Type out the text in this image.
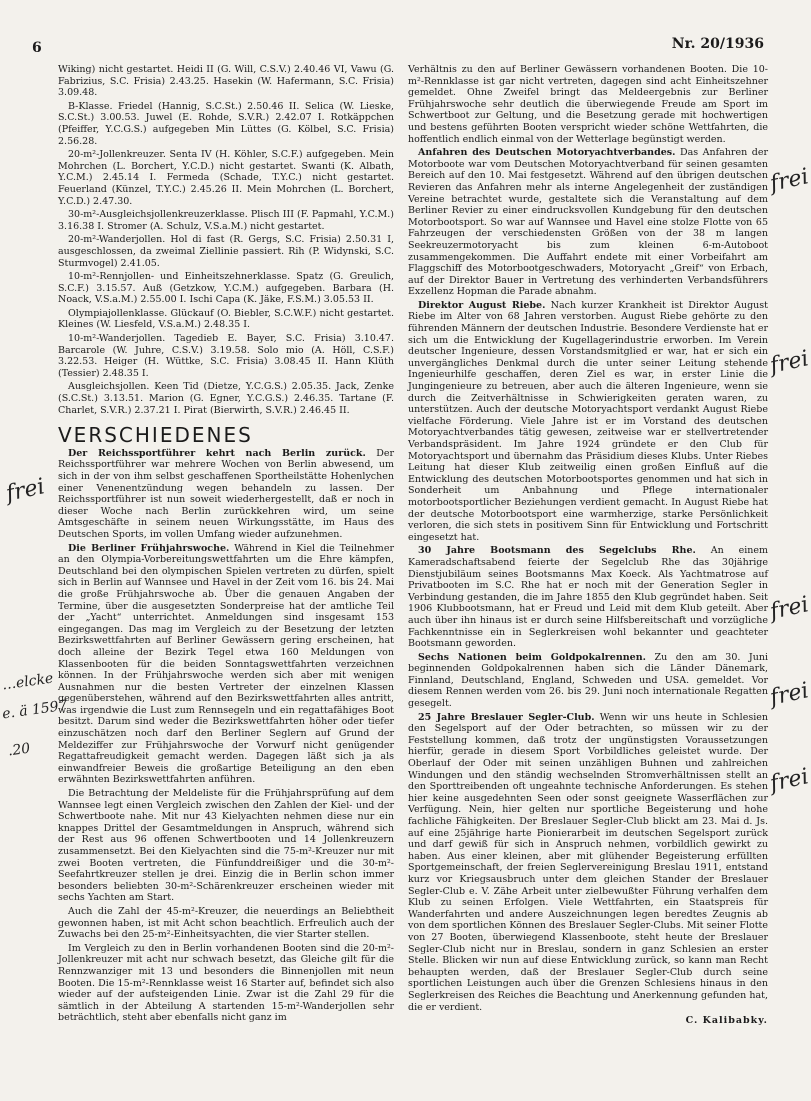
6	Nr. 20/1936

Wiking) nicht gestartet. Heidi II (G. Will, C.S.V.) 2.40.46 VI, Vawu (G. Fabrizius, S.C. Frisia) 2.43.25. Hasekin (W. Hafermann, S.C. Frisia) 3.09.48.

B-Klasse. Friedel (Hannig, S.C.St.) 2.50.46 II. Selica (W. Lieske, S.C.St.) 3.00.53. Juwel (E. Rohde, S.V.R.) 2.42.07 I. Rotkäppchen (Pfeiffer, Y.C.G.S.) aufgegeben Min Lüttes (G. Kölbel, S.C. Frisia) 2.56.28.

20-m²-Jollenkreuzer. Senta IV (H. Köhler, S.C.F.) aufgegeben. Mein Mohrchen (L. Borchert, Y.C.D.) nicht gestartet. Swanti (K. Albath, Y.C.M.) 2.45.14 I. Fermeda (Schade, T.Y.C.) nicht gestartet. Feuerland (Künzel, T.Y.C.) 2.45.26 II. Mein Mohrchen (L. Borchert, Y.C.D.) 2.47.30.

30-m²-Ausgleichsjollenkreuzerklasse. Plisch III (F. Papmahl, Y.C.M.) 3.16.38 I. Stromer (A. Schulz, V.S.a.M.) nicht gestartet.

20-m²-Wanderjollen. Hol di fast (R. Gergs, S.C. Frisia) 2.50.31 I, ausgeschlossen, da zweimal Ziellinie passiert. Rih (P. Widynski, S.C. Sturmvogel) 2.41.05.

10-m²-Rennjollen- und Einheitszehnerklasse. Spatz (G. Greulich, S.C.F.) 3.15.57. Auß (Getzkow, Y.C.M.) aufgegeben. Barbara (H. Noack, V.S.a.M.) 2.55.00 I. Ischi Capa (K. Jäke, F.S.M.) 3.05.53 II.

Olympiajollenklasse. Glückauf (O. Biebler, S.C.W.F.) nicht gestartet. Kleines (W. Liesfeld, V.S.a.M.) 2.48.35 I.

10-m²-Wanderjollen. Tagedieb E. Bayer, S.C. Frisia) 3.10.47. Barcarole (W. Juhre, C.S.V.) 3.19.58. Solo mio (A. Höll, C.S.F.) 3.22.53. Heiger (H. Wüttke, S.C. Frisia) 3.08.45 II. Hann Klüth (Tessier) 2.48.35 I.

Ausgleichsjollen. Keen Tid (Dietze, Y.C.G.S.) 2.05.35. Jack, Zenke (S.C.St.) 3.13.51. Marion (G. Egner, Y.C.G.S.) 2.46.35. Tartane (F. Charlet, S.V.R.) 2.37.21 I. Pirat (Bierwirth, S.V.R.) 2.46.45 II.

VERSCHIEDENES

Der Reichssportführer kehrt nach Berlin zurück. Der Reichssportführer war mehrere Wochen von Berlin abwesend, um sich in der von ihm selbst geschaffenen Sportheilstätte Hohenlychen einer Venenentzündung wegen behandeln zu lassen. Der Reichssportführer ist nun soweit wiederhergestellt, daß er noch in dieser Woche nach Berlin zurückkehren wird, um seine Amtsgeschäfte in seinem neuen Wirkungsstätte, im Haus des Deutschen Sports, im vollen Umfang wieder aufzunehmen.

Die Berliner Frühjahrswoche. Während in Kiel die Teilnehmer an den Olympia-Vorbereitungswettfahrten um die Ehre kämpfen, Deutschland bei den olympischen Spielen vertreten zu dürfen, spielt sich in Berlin auf Wannsee und Havel in der Zeit vom 16. bis 24. Mai die große Frühjahrswoche ab. Über die genauen Angaben der Termine, über die ausgesetzten Sonderpreise hat der amtliche Teil der „Yacht“ unterrichtet. Anmeldungen sind insgesamt 153 eingegangen. Das mag im Vergleich zu der Besetzung der letzten Bezirkswettfahrten auf Berliner Gewässern gering erscheinen, hat doch alleine der Bezirk Tegel etwa 160 Meldungen von Klassenbooten für die beiden Sonntagswettfahrten verzeichnen können. In der Frühjahrswoche werden sich aber mit wenigen Ausnahmen nur die besten Vertreter der einzelnen Klassen gegenüberstehen, während auf den Bezirkswettfahrten alles antritt, was irgendwie die Lust zum Rennsegeln und ein regattafähiges Boot besitzt. Darum sind weder die Bezirkswettfahrten höher oder tiefer einzuschätzen noch darf den Berliner Seglern auf Grund der Meldeziffer zur Frühjahrswoche der Vorwurf nicht genügender Regattafreudigkeit gemacht werden. Dagegen läßt sich ja als einwandfreier Beweis die großartige Beteiligung an den eben erwähnten Bezirkswettfahrten anführen.

Die Betrachtung der Meldeliste für die Frühjahrsprüfung auf dem Wannsee legt einen Vergleich zwischen den Zahlen der Kiel- und der Schwertboote nahe. Mit nur 43 Kielyachten nehmen diese nur ein knappes Drittel der Gesamtmeldungen in Anspruch, während sich der Rest aus 96 offenen Schwertbooten und 14 Jollenkreuzern zusammensetzt. Bei den Kielyachten sind die 75-m²-Kreuzer nur mit zwei Booten vertreten, die Fünfunddreißiger und die 30-m²-Seefahrtkreuzer stellen je drei. Einzig die in Berlin schon immer besonders beliebten 30-m²-Schärenkreuzer erscheinen wieder mit sechs Yachten am Start.

Auch die Zahl der 45-m²-Kreuzer, die neuerdings an Beliebtheit gewonnen haben, ist mit Acht schon beachtlich. Erfreulich auch der Zuwachs bei den 25-m²-Einheitsyachten, die vier Starter stellen.

Im Vergleich zu den in Berlin vorhandenen Booten sind die 20-m²-Jollenkreuzer mit acht nur schwach besetzt, das Gleiche gilt für die Rennzwanziger mit 13 und besonders die Binnenjollen mit neun Booten. Die 15-m²-Rennklasse weist 16 Starter auf, befindet sich also wieder auf der aufsteigenden Linie. Zwar ist die Zahl 29 für die sämtlich in der Abteilung A startenden 15-m²-Wanderjollen sehr beträchtlich, steht aber ebenfalls nicht ganz im

Verhältnis zu den auf Berliner Gewässern vorhandenen Booten. Die 10-m²-Rennklasse ist gar nicht vertreten, dagegen sind acht Einheitszehner gemeldet. Ohne Zweifel bringt das Meldeergebnis zur Berliner Frühjahrswoche sehr deutlich die überwiegende Freude am Sport im Schwertboot zur Geltung, und die Besetzung gerade mit hochwertigen und bestens geführten Booten verspricht wieder schöne Wettfahrten, die hoffentlich endlich einmal von der Wetterlage begünstigt werden.

Anfahren des Deutschen Motoryachtverbandes. Das Anfahren der Motorboote war vom Deutschen Motoryachtverband für seinen gesamten Bereich auf den 10. Mai festgesetzt. Während auf den übrigen deutschen Revieren das Anfahren mehr als interne Angelegenheit der zuständigen Vereine betrachtet wurde, gestaltete sich die Veranstaltung auf dem Berliner Revier zu einer eindrucksvollen Kundgebung für den deutschen Motorbootsport. So war auf Wannsee und Havel eine stolze Flotte von 65 Fahrzeugen der verschiedensten Größen von der 38 m langen Seekreuzermotoryacht bis zum kleinen 6-m-Autoboot zusammengekommen. Die Auffahrt endete mit einer Vorbeifahrt am Flaggschiff des Motorbootgeschwaders, Motoryacht „Greif“ von Erbach, auf der Direktor Bauer in Vertretung des verhinderten Verbandsführers Exzellenz Hopman die Parade abnahm.

Direktor August Riebe. Nach kurzer Krankheit ist Direktor August Riebe im Alter von 68 Jahren verstorben. August Riebe gehörte zu den führenden Männern der deutschen Industrie. Besondere Verdienste hat er sich um die Entwicklung der Kugellagerindustrie erworben. Im Verein deutscher Ingenieure, dessen Vorstandsmitglied er war, hat er sich ein unvergängliches Denkmal durch die unter seiner Leitung stehende Ingenieurhilfe geschaffen, deren Ziel es war, in erster Linie die Jungingenieure zu betreuen, aber auch die älteren Ingenieure, wenn sie durch die Zeitverhältnisse in Schwierigkeiten geraten waren, zu unterstützen. Auch der deutsche Motoryachtsport verdankt August Riebe vielfache Förderung. Viele Jahre ist er im Vorstand des deutschen Motoryachtverbandes tätig gewesen, zeitweise war er stellvertretender Verbandspräsident. Im Jahre 1924 gründete er den Club für Motoryachtsport und übernahm das Präsidium dieses Klubs. Unter Riebes Leitung hat dieser Klub zeitweilig einen großen Einfluß auf die Entwicklung des deutschen Motorbootsportes genommen und hat sich in Sonderheit um Anbahnung und Pflege internationaler motorbootsportlicher Beziehungen verdient gemacht. In August Riebe hat der deutsche Motorbootsport eine warmherzige, starke Persönlichkeit verloren, die sich stets in positivem Sinn für Entwicklung und Fortschritt eingesetzt hat.

30 Jahre Bootsmann des Segelclubs Rhe. An einem Kameradschaftsabend feierte der Segelclub Rhe das 30jährige Dienstjubiläum seines Bootsmanns Max Koeck. Als Yachtmatrose auf Privatbooten im S.C. Rhe hat er noch mit der Generation Segler in Verbindung gestanden, die im Jahre 1855 den Klub gegründet haben. Seit 1906 Klubbootsmann, hat er Freud und Leid mit dem Klub geteilt. Aber auch über ihn hinaus ist er durch seine Hilfsbereitschaft und vorzügliche Fachkenntnisse ein in Seglerkreisen wohl bekannter und geachteter Bootsmann geworden.

Sechs Nationen beim Goldpokalrennen. Zu den am 30. Juni beginnenden Goldpokalrennen haben sich die Länder Dänemark, Finnland, Deutschland, England, Schweden und USA. gemeldet. Vor diesem Rennen werden vom 26. bis 29. Juni noch internationale Regatten gesegelt.

25 Jahre Breslauer Segler-Club. Wenn wir uns heute in Schlesien den Segelsport auf der Oder betrachten, so müssen wir zu der Feststellung kommen, daß trotz der ungünstigsten Voraussetzungen hierfür, gerade in diesem Sport Vorbildliches geleistet wurde. Der Oberlauf der Oder mit seinen unzähligen Buhnen und zahlreichen Windungen und den ständig wechselnden Stromverhältnissen stellt an den Sporttreibenden oft ungeahnte technische Anforderungen. Es stehen hier keine ausgedehnten Seen oder sonst geeignete Wasserflächen zur Verfügung. Nein, hier gelten nur sportliche Begeisterung und hohe fachliche Fähigkeiten. Der Breslauer Segler-Club blickt am 23. Mai d. Js. auf eine 25jährige harte Pionierarbeit im deutschen Segelsport zurück und darf gewiß für sich in Anspruch nehmen, vorbildlich gewirkt zu haben. Aus einer kleinen, aber mit glühender Begeisterung erfüllten Sportgemeinschaft, der freien Seglervereinigung Breslau 1911, entstand kurz vor Kriegsausbruch unter dem gleichen Stander der Breslauer Segler-Club e. V. Zähe Arbeit unter zielbewußter Führung verhalfen dem Klub zu seinen Erfolgen. Viele Wettfahrten, ein Staatspreis für Wanderfahrten und andere Auszeichnungen legen beredtes Zeugnis ab von dem sportlichen Können des Breslauer Segler-Clubs. Mit seiner Flotte von 27 Booten, überwiegend Klassenboote, steht heute der Breslauer Segler-Club nicht nur in Breslau, sondern in ganz Schlesien an erster Stelle. Blicken wir nun auf diese Entwicklung zurück, so kann man Recht behaupten werden, daß der Breslauer Segler-Club durch seine sportlichen Leistungen auch über die Grenzen Schlesiens hinaus in den Seglerkreisen des Reiches die Beachtung und Anerkennung gefunden hat, die er verdient.

C. Kalibabky.
frei
…elcke
e. ä 1597
.20
frei
frei
frei
frei
frei
